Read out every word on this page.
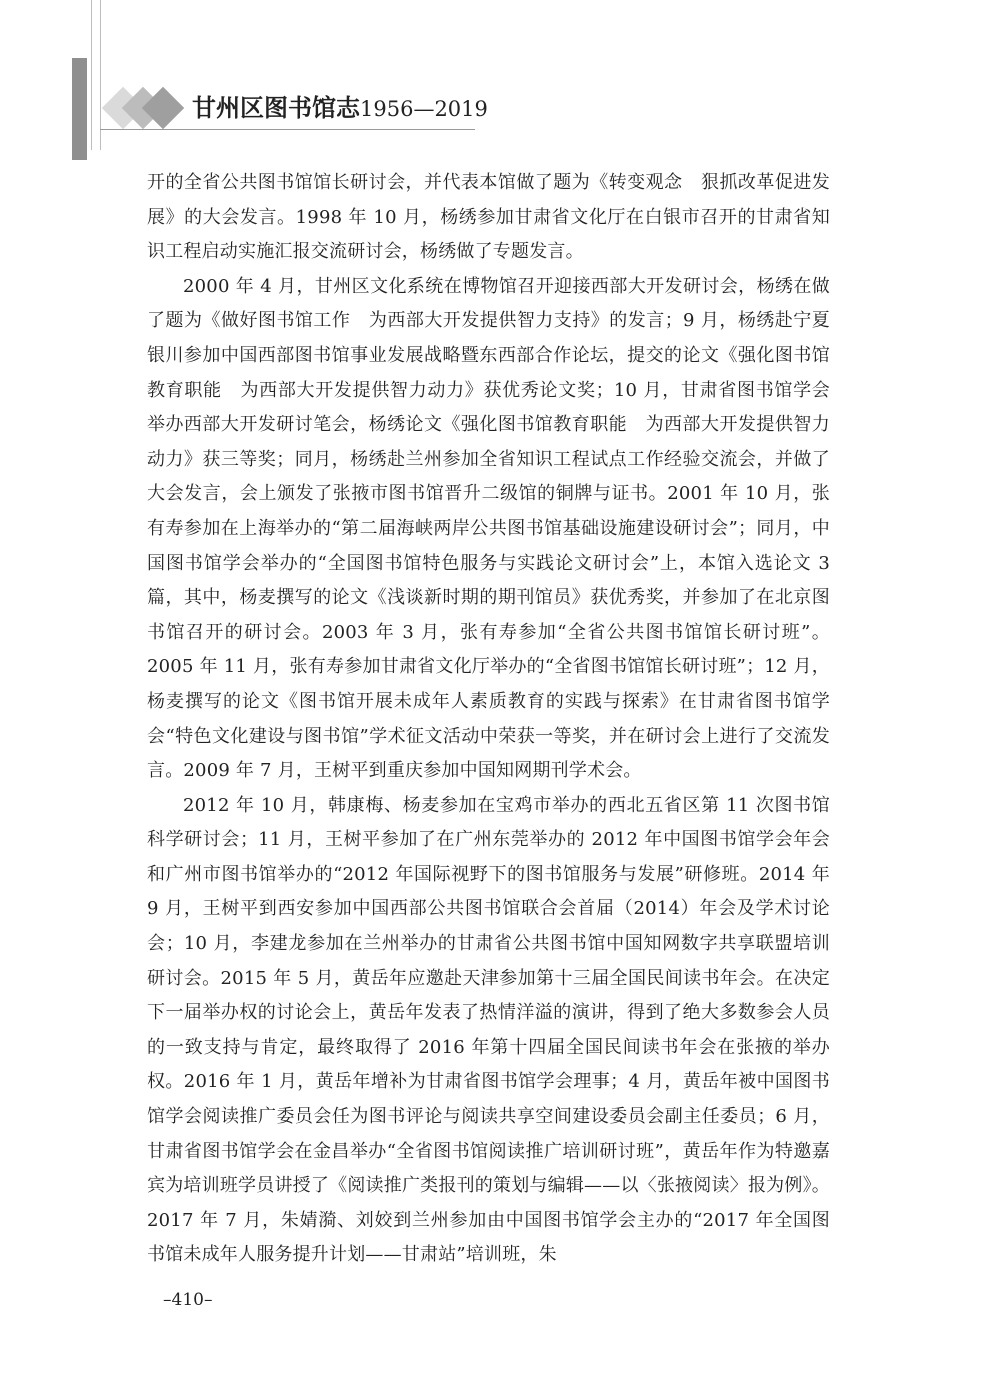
甘州区图书馆志1956—2019

开的全省公共图书馆馆长研讨会，并代表本馆做了题为《转变观念　狠抓改革促进发展》的大会发言。1998 年 10 月，杨绣参加甘肃省文化厅在白银市召开的甘肃省知识工程启动实施汇报交流研讨会，杨绣做了专题发言。

2000 年 4 月，甘州区文化系统在博物馆召开迎接西部大开发研讨会，杨绣在做了题为《做好图书馆工作　为西部大开发提供智力支持》的发言；9 月，杨绣赴宁夏银川参加中国西部图书馆事业发展战略暨东西部合作论坛，提交的论文《强化图书馆教育职能　为西部大开发提供智力动力》获优秀论文奖；10 月，甘肃省图书馆学会举办西部大开发研讨笔会，杨绣论文《强化图书馆教育职能　为西部大开发提供智力动力》获三等奖；同月，杨绣赴兰州参加全省知识工程试点工作经验交流会，并做了大会发言，会上颁发了张掖市图书馆晋升二级馆的铜牌与证书。2001 年 10 月，张有寿参加在上海举办的“第二届海峡两岸公共图书馆基础设施建设研讨会”；同月，中国图书馆学会举办的“全国图书馆特色服务与实践论文研讨会”上，本馆入选论文 3 篇，其中，杨麦撰写的论文《浅谈新时期的期刊馆员》获优秀奖，并参加了在北京图书馆召开的研讨会。2003 年 3 月，张有寿参加“全省公共图书馆馆长研讨班”。2005 年 11 月，张有寿参加甘肃省文化厅举办的“全省图书馆馆长研讨班”；12 月，杨麦撰写的论文《图书馆开展未成年人素质教育的实践与探索》在甘肃省图书馆学会“特色文化建设与图书馆”学术征文活动中荣获一等奖，并在研讨会上进行了交流发言。2009 年 7 月，王树平到重庆参加中国知网期刊学术会。

2012 年 10 月，韩康梅、杨麦参加在宝鸡市举办的西北五省区第 11 次图书馆科学研讨会；11 月，王树平参加了在广州东莞举办的 2012 年中国图书馆学会年会和广州市图书馆举办的“2012 年国际视野下的图书馆服务与发展”研修班。2014 年 9 月，王树平到西安参加中国西部公共图书馆联合会首届（2014）年会及学术讨论会；10 月，李建龙参加在兰州举办的甘肃省公共图书馆中国知网数字共享联盟培训研讨会。2015 年 5 月，黄岳年应邀赴天津参加第十三届全国民间读书年会。在决定下一届举办权的讨论会上，黄岳年发表了热情洋溢的演讲，得到了绝大多数参会人员的一致支持与肯定，最终取得了 2016 年第十四届全国民间读书年会在张掖的举办权。2016 年 1 月，黄岳年增补为甘肃省图书馆学会理事；4 月，黄岳年被中国图书馆学会阅读推广委员会任为图书评论与阅读共享空间建设委员会副主任委员；6 月，甘肃省图书馆学会在金昌举办“全省图书馆阅读推广培训研讨班”，黄岳年作为特邀嘉宾为培训班学员讲授了《阅读推广类报刊的策划与编辑——以〈张掖阅读〉报为例》。2017 年 7 月，朱婧漪、刘姣到兰州参加由中国图书馆学会主办的“2017 年全国图书馆未成年人服务提升计划——甘肃站”培训班，朱

–410–
